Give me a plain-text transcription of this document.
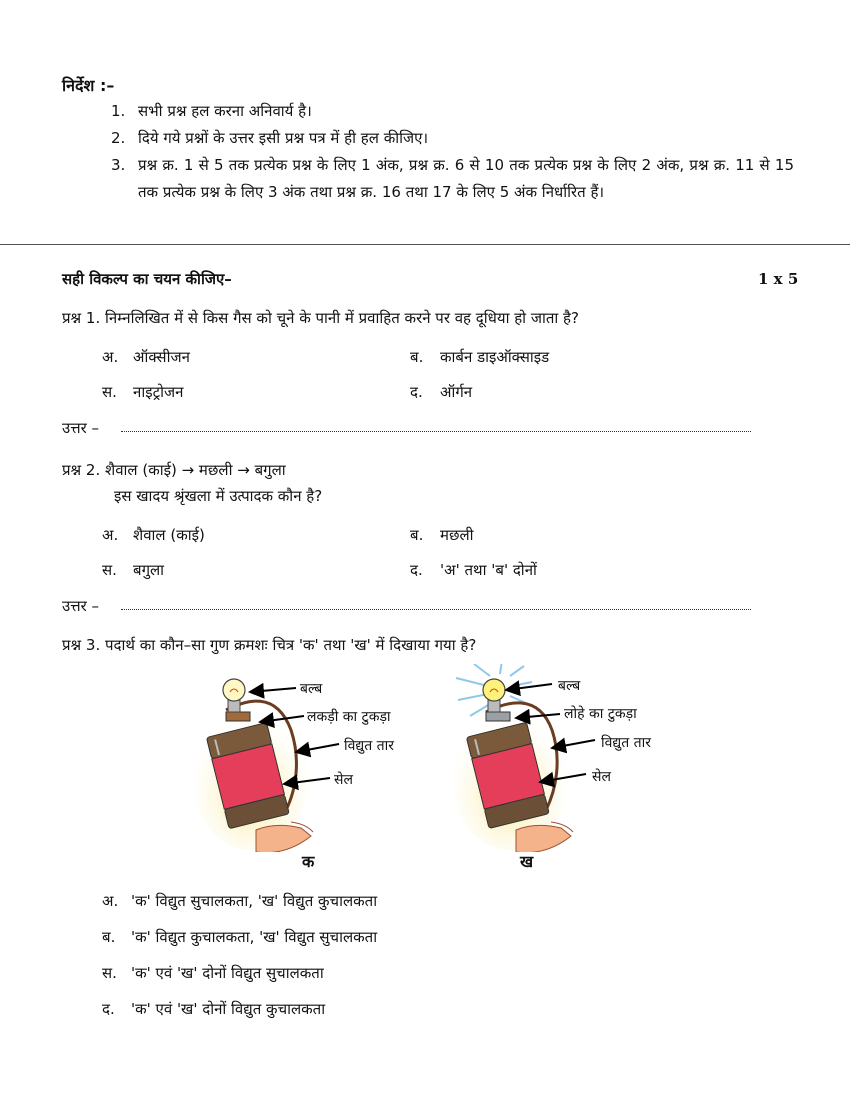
निर्देश :–
1. सभी प्रश्न हल करना अनिवार्य है।
2. दिये गये प्रश्नों के उत्तर इसी प्रश्न पत्र में ही हल कीजिए।
3. प्रश्न क्र. 1 से 5 तक प्रत्येक प्रश्न के लिए 1 अंक, प्रश्न क्र. 6 से 10 तक प्रत्येक प्रश्न के लिए 2 अंक, प्रश्न क्र. 11 से 15 तक प्रत्येक प्रश्न के लिए 3 अंक तथा प्रश्न क्र. 16 तथा 17 के लिए 5 अंक निर्धारित हैं।
सही विकल्प का चयन कीजिए–	1 x 5
प्रश्न 1. निम्नलिखित में से किस गैस को चूने के पानी में प्रवाहित करने पर वह दूधिया हो जाता है?
अ. ऑक्सीजन	ब. कार्बन डाइऑक्साइड
स. नाइट्रोजन	द. ऑर्गन
उत्तर –
प्रश्न 2. शैवाल (काई) → मछली → बगुला
इस खादय श्रृंखला में उत्पादक कौन है?
अ. शैवाल (काई)	ब. मछली
स. बगुला	द. 'अ' तथा 'ब' दोनों
उत्तर –
प्रश्न 3. पदार्थ का कौन–सा गुण क्रमशः चित्र 'क' तथा 'ख' में दिखाया गया है?
बल्ब
लकड़ी का टुकड़ा
विद्युत तार
सेल
क
बल्ब
लोहे का टुकड़ा
विद्युत तार
सेल
ख
अ. 'क' विद्युत सुचालकता, 'ख' विद्युत कुचालकता
ब. 'क' विद्युत कुचालकता, 'ख' विद्युत सुचालकता
स. 'क' एवं 'ख' दोनों विद्युत सुचालकता
द. 'क' एवं 'ख' दोनों विद्युत कुचालकता
